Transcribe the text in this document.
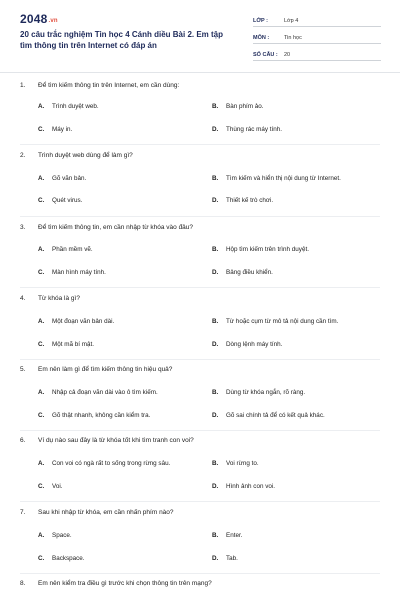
2048.vn
20 câu trắc nghiệm Tin học 4 Cánh diều Bài 2. Em tập tìm thông tin trên Internet có đáp án
LỚP :	Lớp 4
MÔN :	Tin học
SỐ CÂU :	20
1. Để tìm kiếm thông tin trên Internet, em cần dùng:
A. Trình duyệt web.	B. Bàn phím ảo.
C. Máy in.	D. Thùng rác máy tính.
2. Trình duyệt web dùng để làm gì?
A. Gõ văn bản.	B. Tìm kiếm và hiển thị nội dung từ Internet.
C. Quét virus.	D. Thiết kế trò chơi.
3. Để tìm kiếm thông tin, em cần nhập từ khóa vào đâu?
A. Phần mềm vẽ.	B. Hộp tìm kiếm trên trình duyệt.
C. Màn hình máy tính.	D. Bảng điều khiển.
4. Từ khóa là gì?
A. Một đoạn văn bản dài.	B. Từ hoặc cụm từ mô tả nội dung cần tìm.
C. Một mã bí mật.	D. Dòng lệnh máy tính.
5. Em nên làm gì để tìm kiếm thông tin hiệu quả?
A. Nhập cả đoạn văn dài vào ô tìm kiếm.	B. Dùng từ khóa ngắn, rõ ràng.
C. Gõ thật nhanh, không cần kiểm tra.	D. Gõ sai chính tả để có kết quả khác.
6. Ví dụ nào sau đây là từ khóa tốt khi tìm tranh con voi?
A. Con voi có ngà rất to sống trong rừng sâu.	B. Voi rừng to.
C. Voi.	D. Hình ảnh con voi.
7. Sau khi nhập từ khóa, em cần nhấn phím nào?
A. Space.	B. Enter.
C. Backspace.	D. Tab.
8. Em nên kiểm tra điều gì trước khi chọn thông tin trên mạng?
